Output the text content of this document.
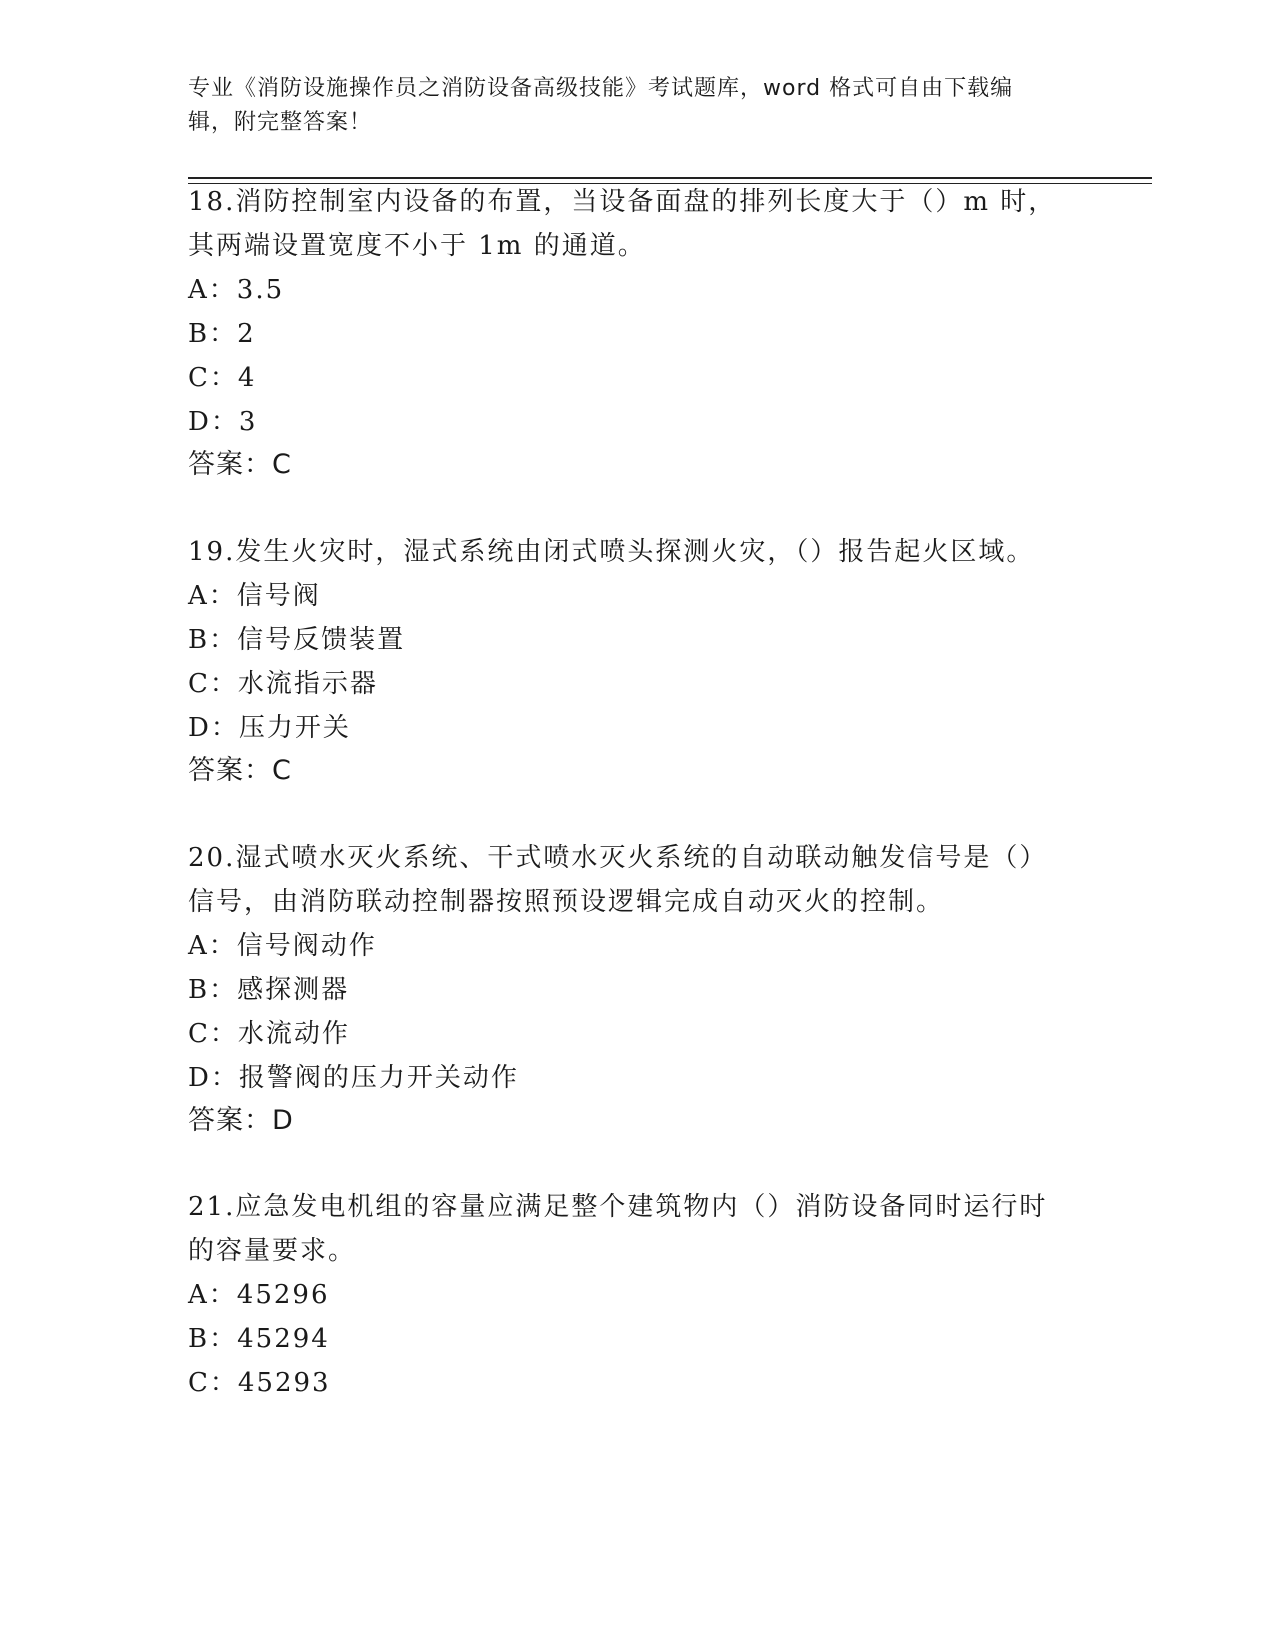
专业《消防设施操作员之消防设备高级技能》考试题库，word 格式可自由下载编
辑，附完整答案！
18.消防控制室内设备的布置，当设备面盘的排列长度大于（）m 时，
其两端设置宽度不小于 1m 的通道。
A：3.5
B：2
C：4
D：3
答案：C
19.发生火灾时，湿式系统由闭式喷头探测火灾，（）报告起火区域。
A：信号阀
B：信号反馈装置
C：水流指示器
D：压力开关
答案：C
20.湿式喷水灭火系统、干式喷水灭火系统的自动联动触发信号是（）
信号，由消防联动控制器按照预设逻辑完成自动灭火的控制。
A：信号阀动作
B：感探测器
C：水流动作
D：报警阀的压力开关动作
答案：D
21.应急发电机组的容量应满足整个建筑物内（）消防设备同时运行时
的容量要求。
A：45296
B：45294
C：45293
